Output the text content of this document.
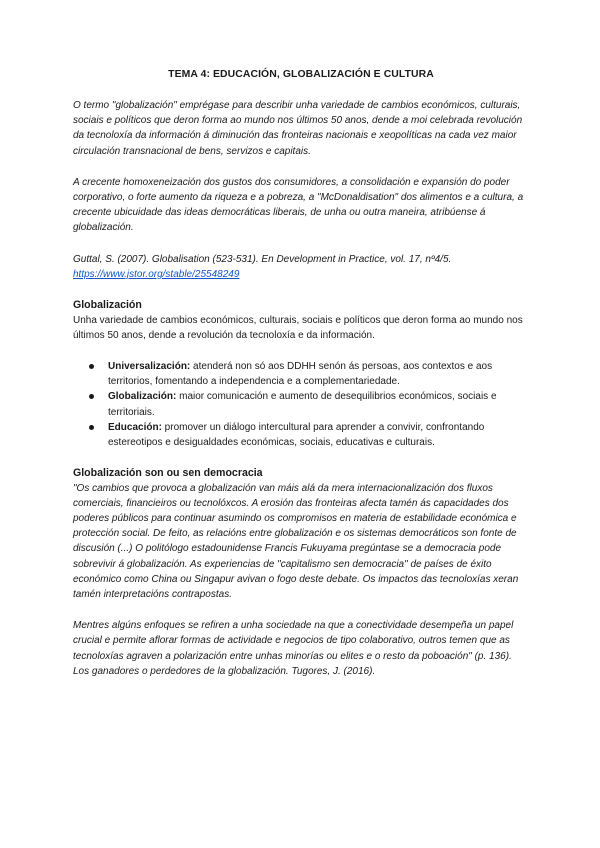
TEMA 4: EDUCACIÓN, GLOBALIZACIÓN E CULTURA

O termo "globalización" emprégase para describir unha variedade de cambios económicos, culturais, sociais e políticos que deron forma ao mundo nos últimos 50 anos, dende a moi celebrada revolución da tecnoloxía da información á diminución das fronteiras nacionais e xeopolíticas na cada vez maior circulación transnacional de bens, servizos e capitais.

A crecente homoxeneización dos gustos dos consumidores, a consolidación e expansión do poder corporativo, o forte aumento da riqueza e a pobreza, a "McDonaldisation" dos alimentos e a cultura, a crecente ubicuidade das ideas democráticas liberais, de unha ou outra maneira, atribúense á globalización.

Guttal, S. (2007). Globalisation (523-531). En Development in Practice, vol. 17, nº4/5.

https://www.jstor.org/stable/25548249

Globalización

Unha variedade de cambios económicos, culturais, sociais e políticos que deron forma ao mundo nos últimos 50 anos, dende a revolución da tecnoloxía e da información.

Universalización: atenderá non só aos DDHH senón ás persoas, aos contextos e aos territorios, fomentando a independencia e a complementariedade.
Globalización: maior comunicación e aumento de desequilibrios económicos, sociais e territoriais.
Educación: promover un diálogo intercultural para aprender a convivir, confrontando estereotipos e desigualdades económicas, sociais, educativas e culturais.
Globalización son ou sen democracia

"Os cambios que provoca a globalización van máis alá da mera internacionalización dos fluxos comerciais, financieiros ou tecnolóxcos. A erosión das fronteiras afecta tamén ás capacidades dos poderes públicos para continuar asumindo os compromisos en materia de estabilidade económica e protección social. De feito, as relacións entre globalización e os sistemas democráticos son fonte de discusión (...) O politólogo estadounidense Francis Fukuyama pregúntase se a democracia pode sobrevivir á globalización. As experiencias de "capitalismo sen democracia" de países de éxito económico como China ou Singapur avivan o fogo deste debate. Os impactos das tecnoloxías xeran tamén interpretacións contrapostas.

Mentres algúns enfoques se refiren a unha sociedade na que a conectividade desempeña un papel crucial e permite aflorar formas de actividade e negocios de tipo colaborativo, outros temen que as tecnoloxías agraven a polarización entre unhas minorías ou elites e o resto da poboación" (p. 136). Los ganadores o perdedores de la globalización. Tugores, J. (2016).
